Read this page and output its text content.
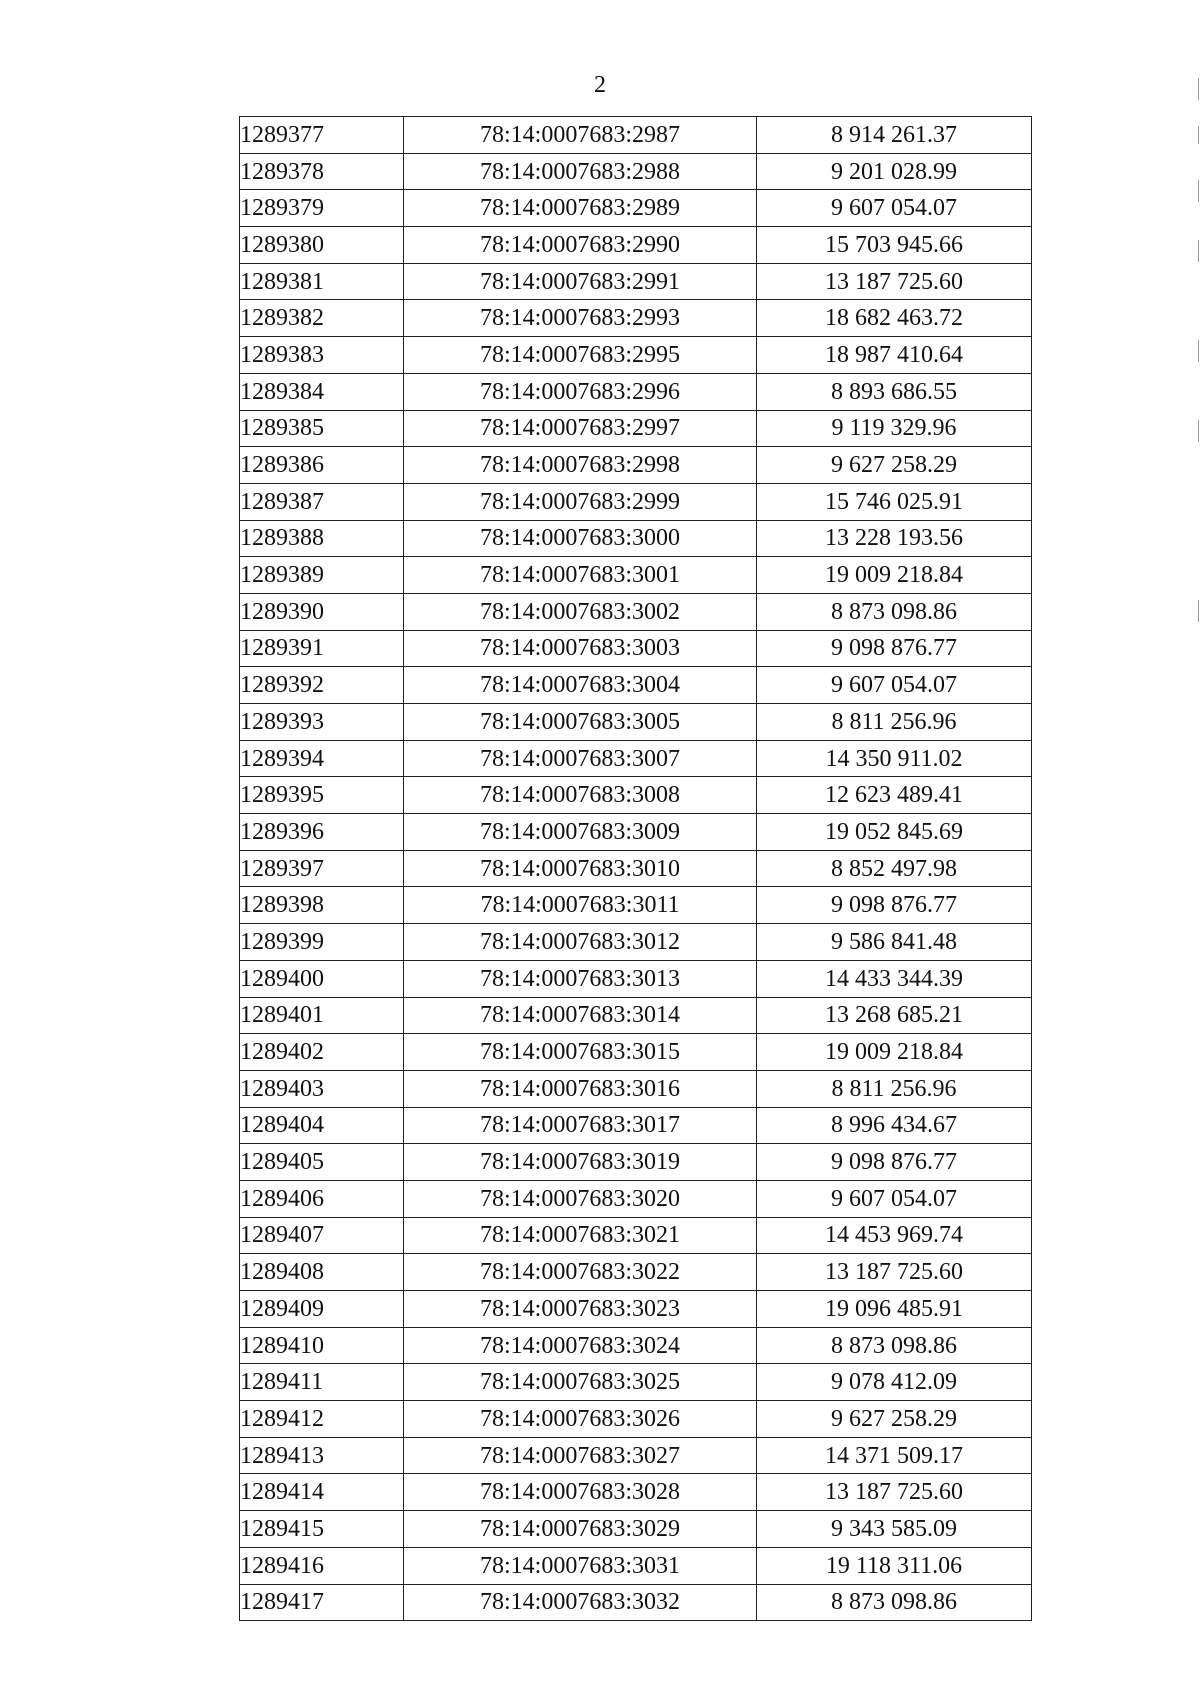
2
1289377	78:14:0007683:2987	8 914 261.37
1289378	78:14:0007683:2988	9 201 028.99
1289379	78:14:0007683:2989	9 607 054.07
1289380	78:14:0007683:2990	15 703 945.66
1289381	78:14:0007683:2991	13 187 725.60
1289382	78:14:0007683:2993	18 682 463.72
1289383	78:14:0007683:2995	18 987 410.64
1289384	78:14:0007683:2996	8 893 686.55
1289385	78:14:0007683:2997	9 119 329.96
1289386	78:14:0007683:2998	9 627 258.29
1289387	78:14:0007683:2999	15 746 025.91
1289388	78:14:0007683:3000	13 228 193.56
1289389	78:14:0007683:3001	19 009 218.84
1289390	78:14:0007683:3002	8 873 098.86
1289391	78:14:0007683:3003	9 098 876.77
1289392	78:14:0007683:3004	9 607 054.07
1289393	78:14:0007683:3005	8 811 256.96
1289394	78:14:0007683:3007	14 350 911.02
1289395	78:14:0007683:3008	12 623 489.41
1289396	78:14:0007683:3009	19 052 845.69
1289397	78:14:0007683:3010	8 852 497.98
1289398	78:14:0007683:3011	9 098 876.77
1289399	78:14:0007683:3012	9 586 841.48
1289400	78:14:0007683:3013	14 433 344.39
1289401	78:14:0007683:3014	13 268 685.21
1289402	78:14:0007683:3015	19 009 218.84
1289403	78:14:0007683:3016	8 811 256.96
1289404	78:14:0007683:3017	8 996 434.67
1289405	78:14:0007683:3019	9 098 876.77
1289406	78:14:0007683:3020	9 607 054.07
1289407	78:14:0007683:3021	14 453 969.74
1289408	78:14:0007683:3022	13 187 725.60
1289409	78:14:0007683:3023	19 096 485.91
1289410	78:14:0007683:3024	8 873 098.86
1289411	78:14:0007683:3025	9 078 412.09
1289412	78:14:0007683:3026	9 627 258.29
1289413	78:14:0007683:3027	14 371 509.17
1289414	78:14:0007683:3028	13 187 725.60
1289415	78:14:0007683:3029	9 343 585.09
1289416	78:14:0007683:3031	19 118 311.06
1289417	78:14:0007683:3032	8 873 098.86
